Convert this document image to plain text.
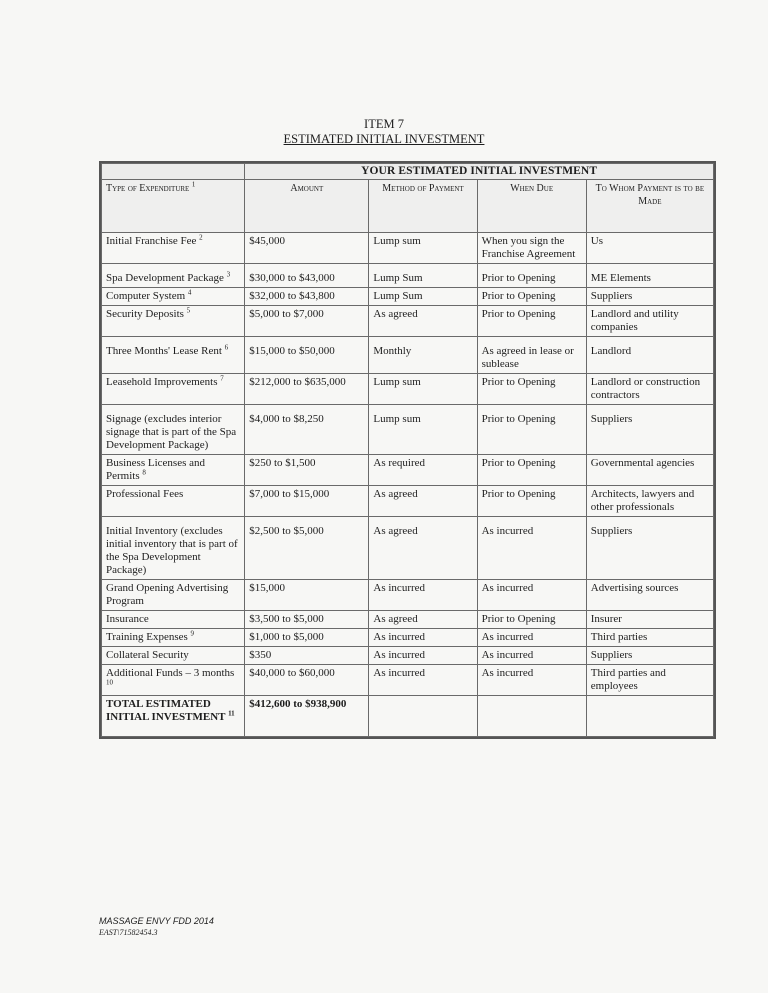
ITEM 7
ESTIMATED INITIAL INVESTMENT
	YOUR ESTIMATED INITIAL INVESTMENT			
Type of Expenditure $^1$	Amount	Method of Payment	When Due	To Whom Payment is to be Made
Initial Franchise Fee $^2$	$45,000	Lump sum	When you sign the Franchise Agreement	Us
Spa Development Package $^3$	$30,000 to $43,000	Lump Sum	Prior to Opening	ME Elements
Computer System $^4$	$32,000 to $43,800	Lump Sum	Prior to Opening	Suppliers
Security Deposits $^5$	$5,000 to $7,000	As agreed	Prior to Opening	Landlord and utility companies
Three Months' Lease Rent $^6$	$15,000 to $50,000	Monthly	As agreed in lease or sublease	Landlord
Leasehold Improvements $^7$	$212,000 to $635,000	Lump sum	Prior to Opening	Landlord or construction contractors
Signage (excludes interior signage that is part of the Spa Development Package)	$4,000 to $8,250	Lump sum	Prior to Opening	Suppliers
Business Licenses and Permits $^8$	$250 to $1,500	As required	Prior to Opening	Governmental agencies
Professional Fees	$7,000 to $15,000	As agreed	Prior to Opening	Architects, lawyers and other professionals
Initial Inventory (excludes initial inventory that is part of the Spa Development Package)	$2,500 to $5,000	As agreed	As incurred	Suppliers
Grand Opening Advertising Program	$15,000	As incurred	As incurred	Advertising sources
Insurance	$3,500 to $5,000	As agreed	Prior to Opening	Insurer
Training Expenses $^9$	$1,000 to $5,000	As incurred	As incurred	Third parties
Collateral Security	$350	As incurred	As incurred	Suppliers
Additional Funds – 3 months $^{10}$	$40,000 to $60,000	As incurred	As incurred	Third parties and employees
TOTAL ESTIMATED INITIAL INVESTMENT $^{11}$	$412,600 to $938,900			
MASSAGE ENVY FDD 2014
EAST\71582454.3
